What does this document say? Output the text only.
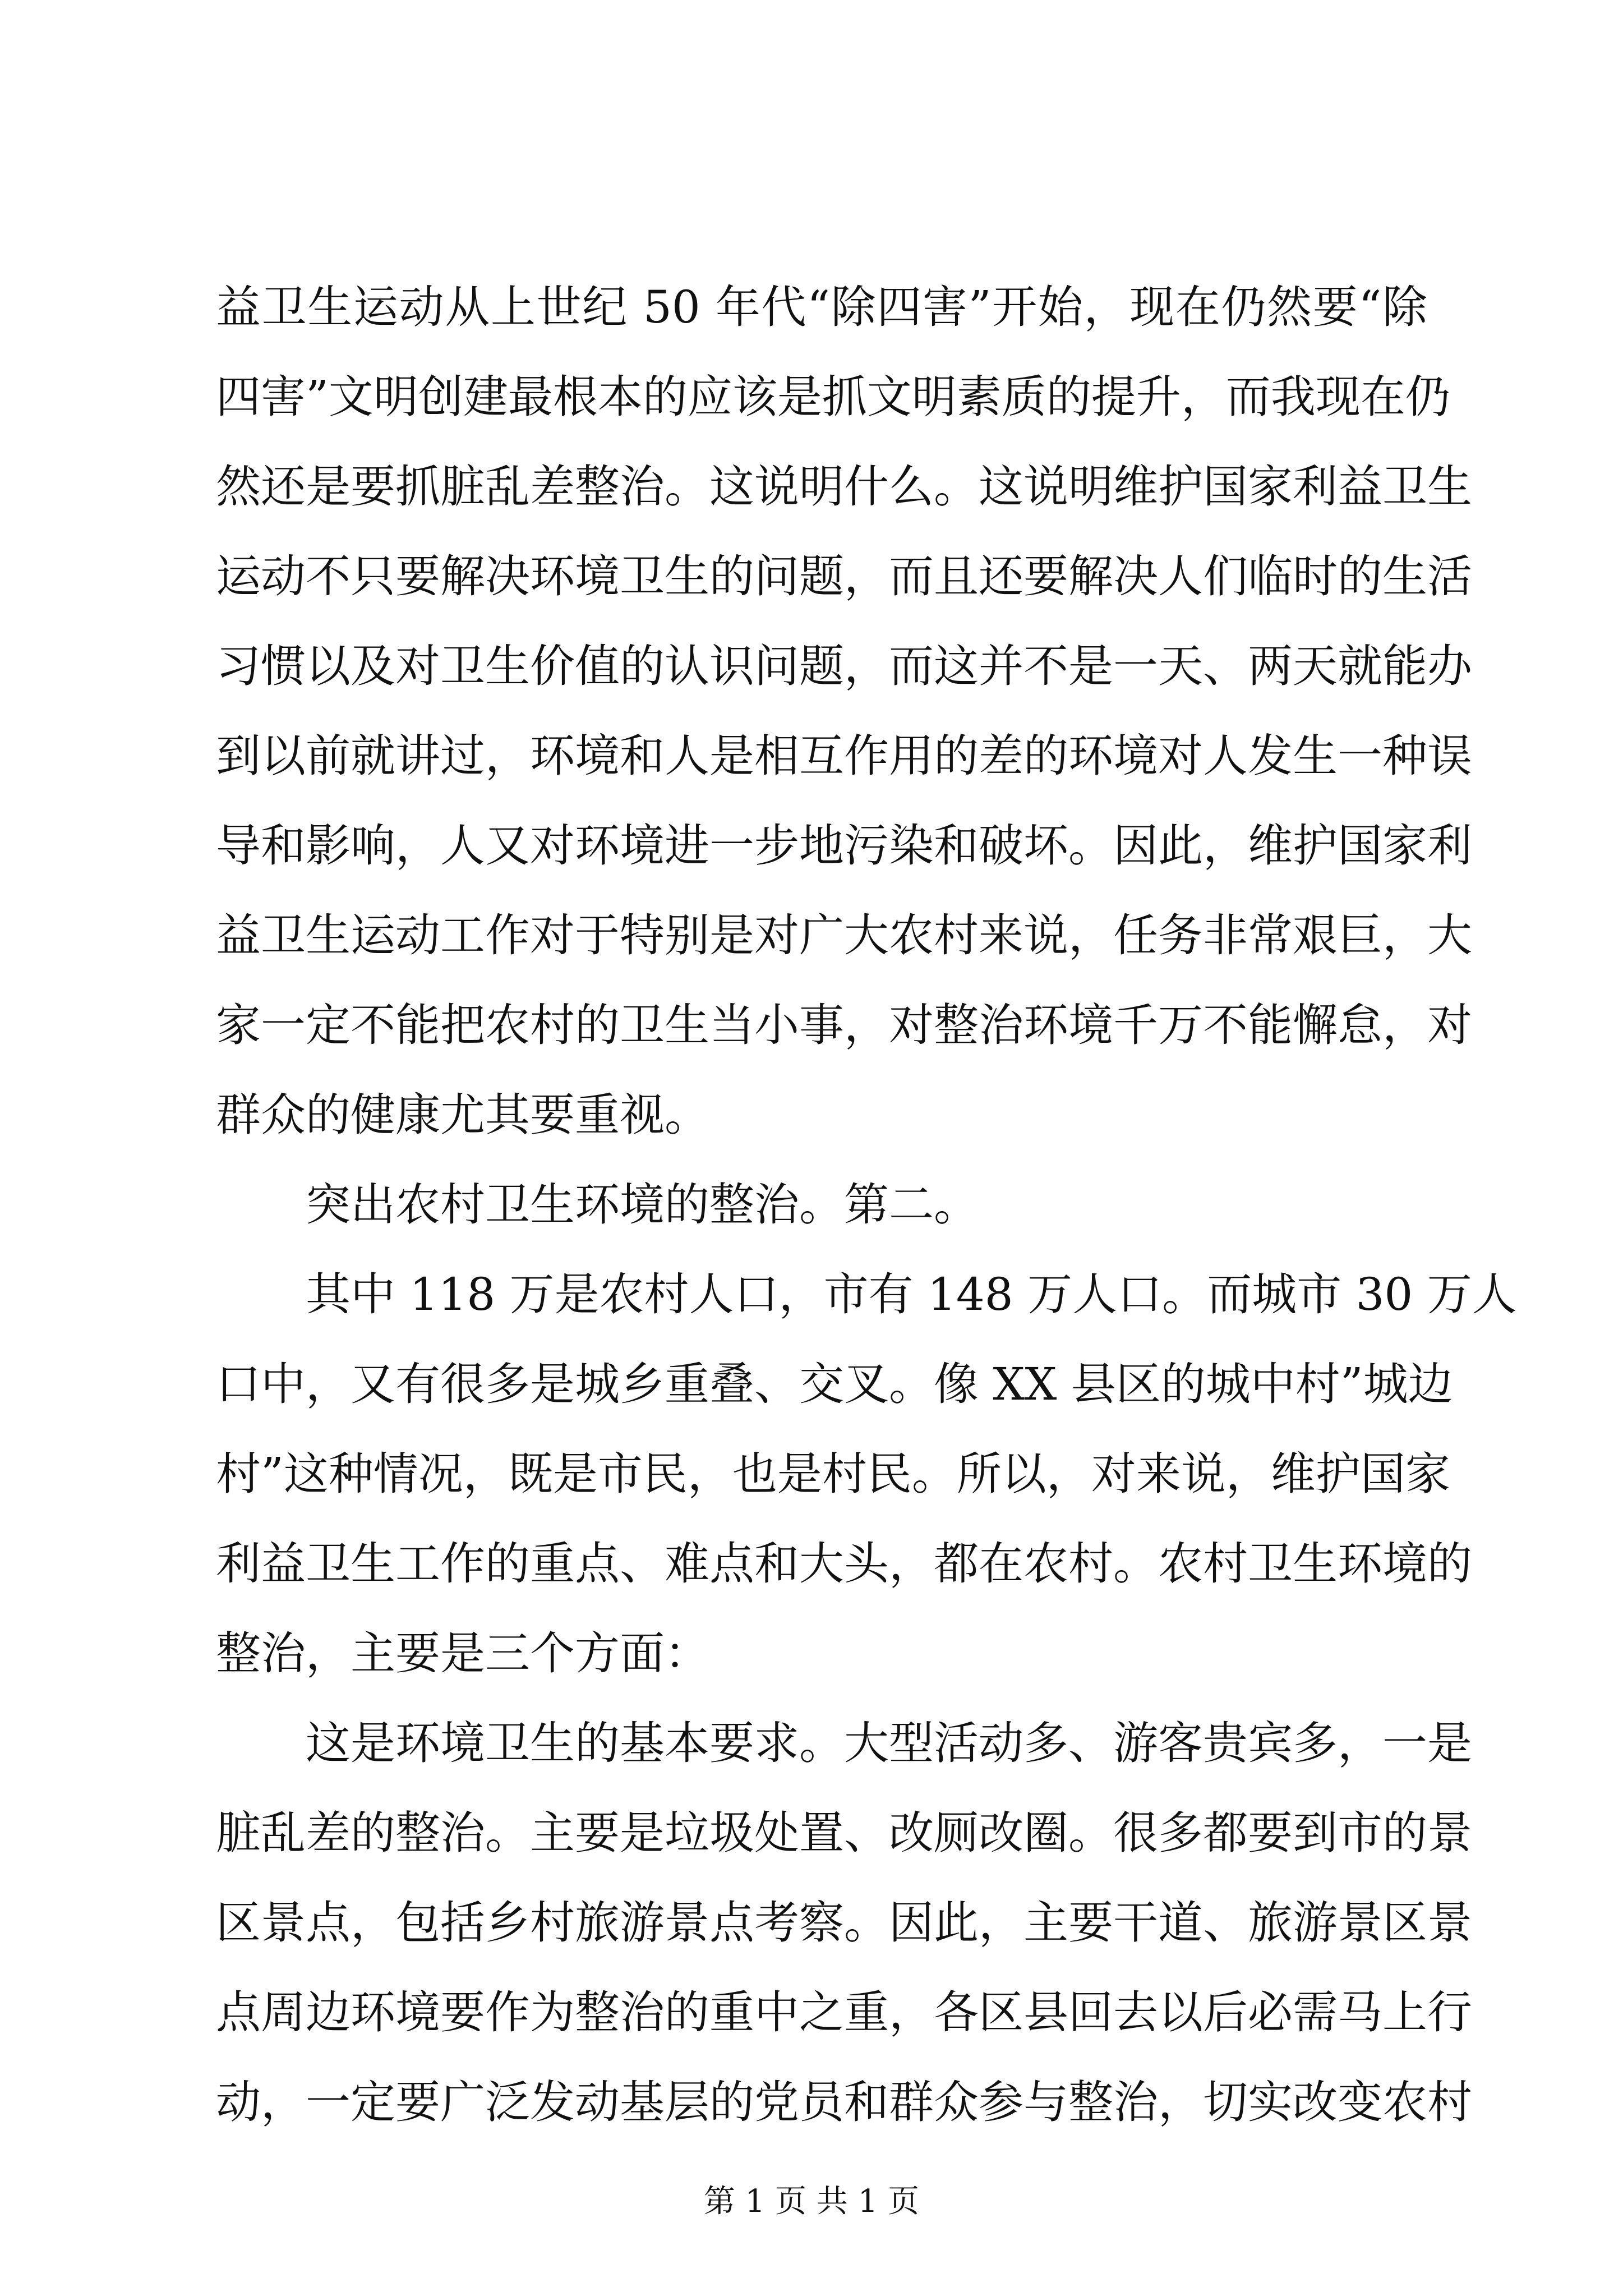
益卫生运动从上世纪 50 年代“除四害”开始，现在仍然要“除
四害”文明创建最根本的应该是抓文明素质的提升，而我现在仍
然还是要抓脏乱差整治。这说明什么。这说明维护国家利益卫生
运动不只要解决环境卫生的问题，而且还要解决人们临时的生活
习惯以及对卫生价值的认识问题，而这并不是一天、两天就能办
到以前就讲过，环境和人是相互作用的差的环境对人发生一种误
导和影响，人又对环境进一步地污染和破坏。因此，维护国家利
益卫生运动工作对于特别是对广大农村来说，任务非常艰巨，大
家一定不能把农村的卫生当小事，对整治环境千万不能懈怠，对
群众的健康尤其要重视。
突出农村卫生环境的整治。第二。
其中 118 万是农村人口，市有 148 万人口。而城市 30 万人
口中，又有很多是城乡重叠、交叉。像 XX 县区的城中村”城边
村”这种情况，既是市民，也是村民。所以，对来说，维护国家
利益卫生工作的重点、难点和大头，都在农村。农村卫生环境的
整治，主要是三个方面：
这是环境卫生的基本要求。大型活动多、游客贵宾多，一是
脏乱差的整治。主要是垃圾处置、改厕改圈。很多都要到市的景
区景点，包括乡村旅游景点考察。因此，主要干道、旅游景区景
点周边环境要作为整治的重中之重，各区县回去以后必需马上行
动，一定要广泛发动基层的党员和群众参与整治，切实改变农村
第 1 页 共 1 页
